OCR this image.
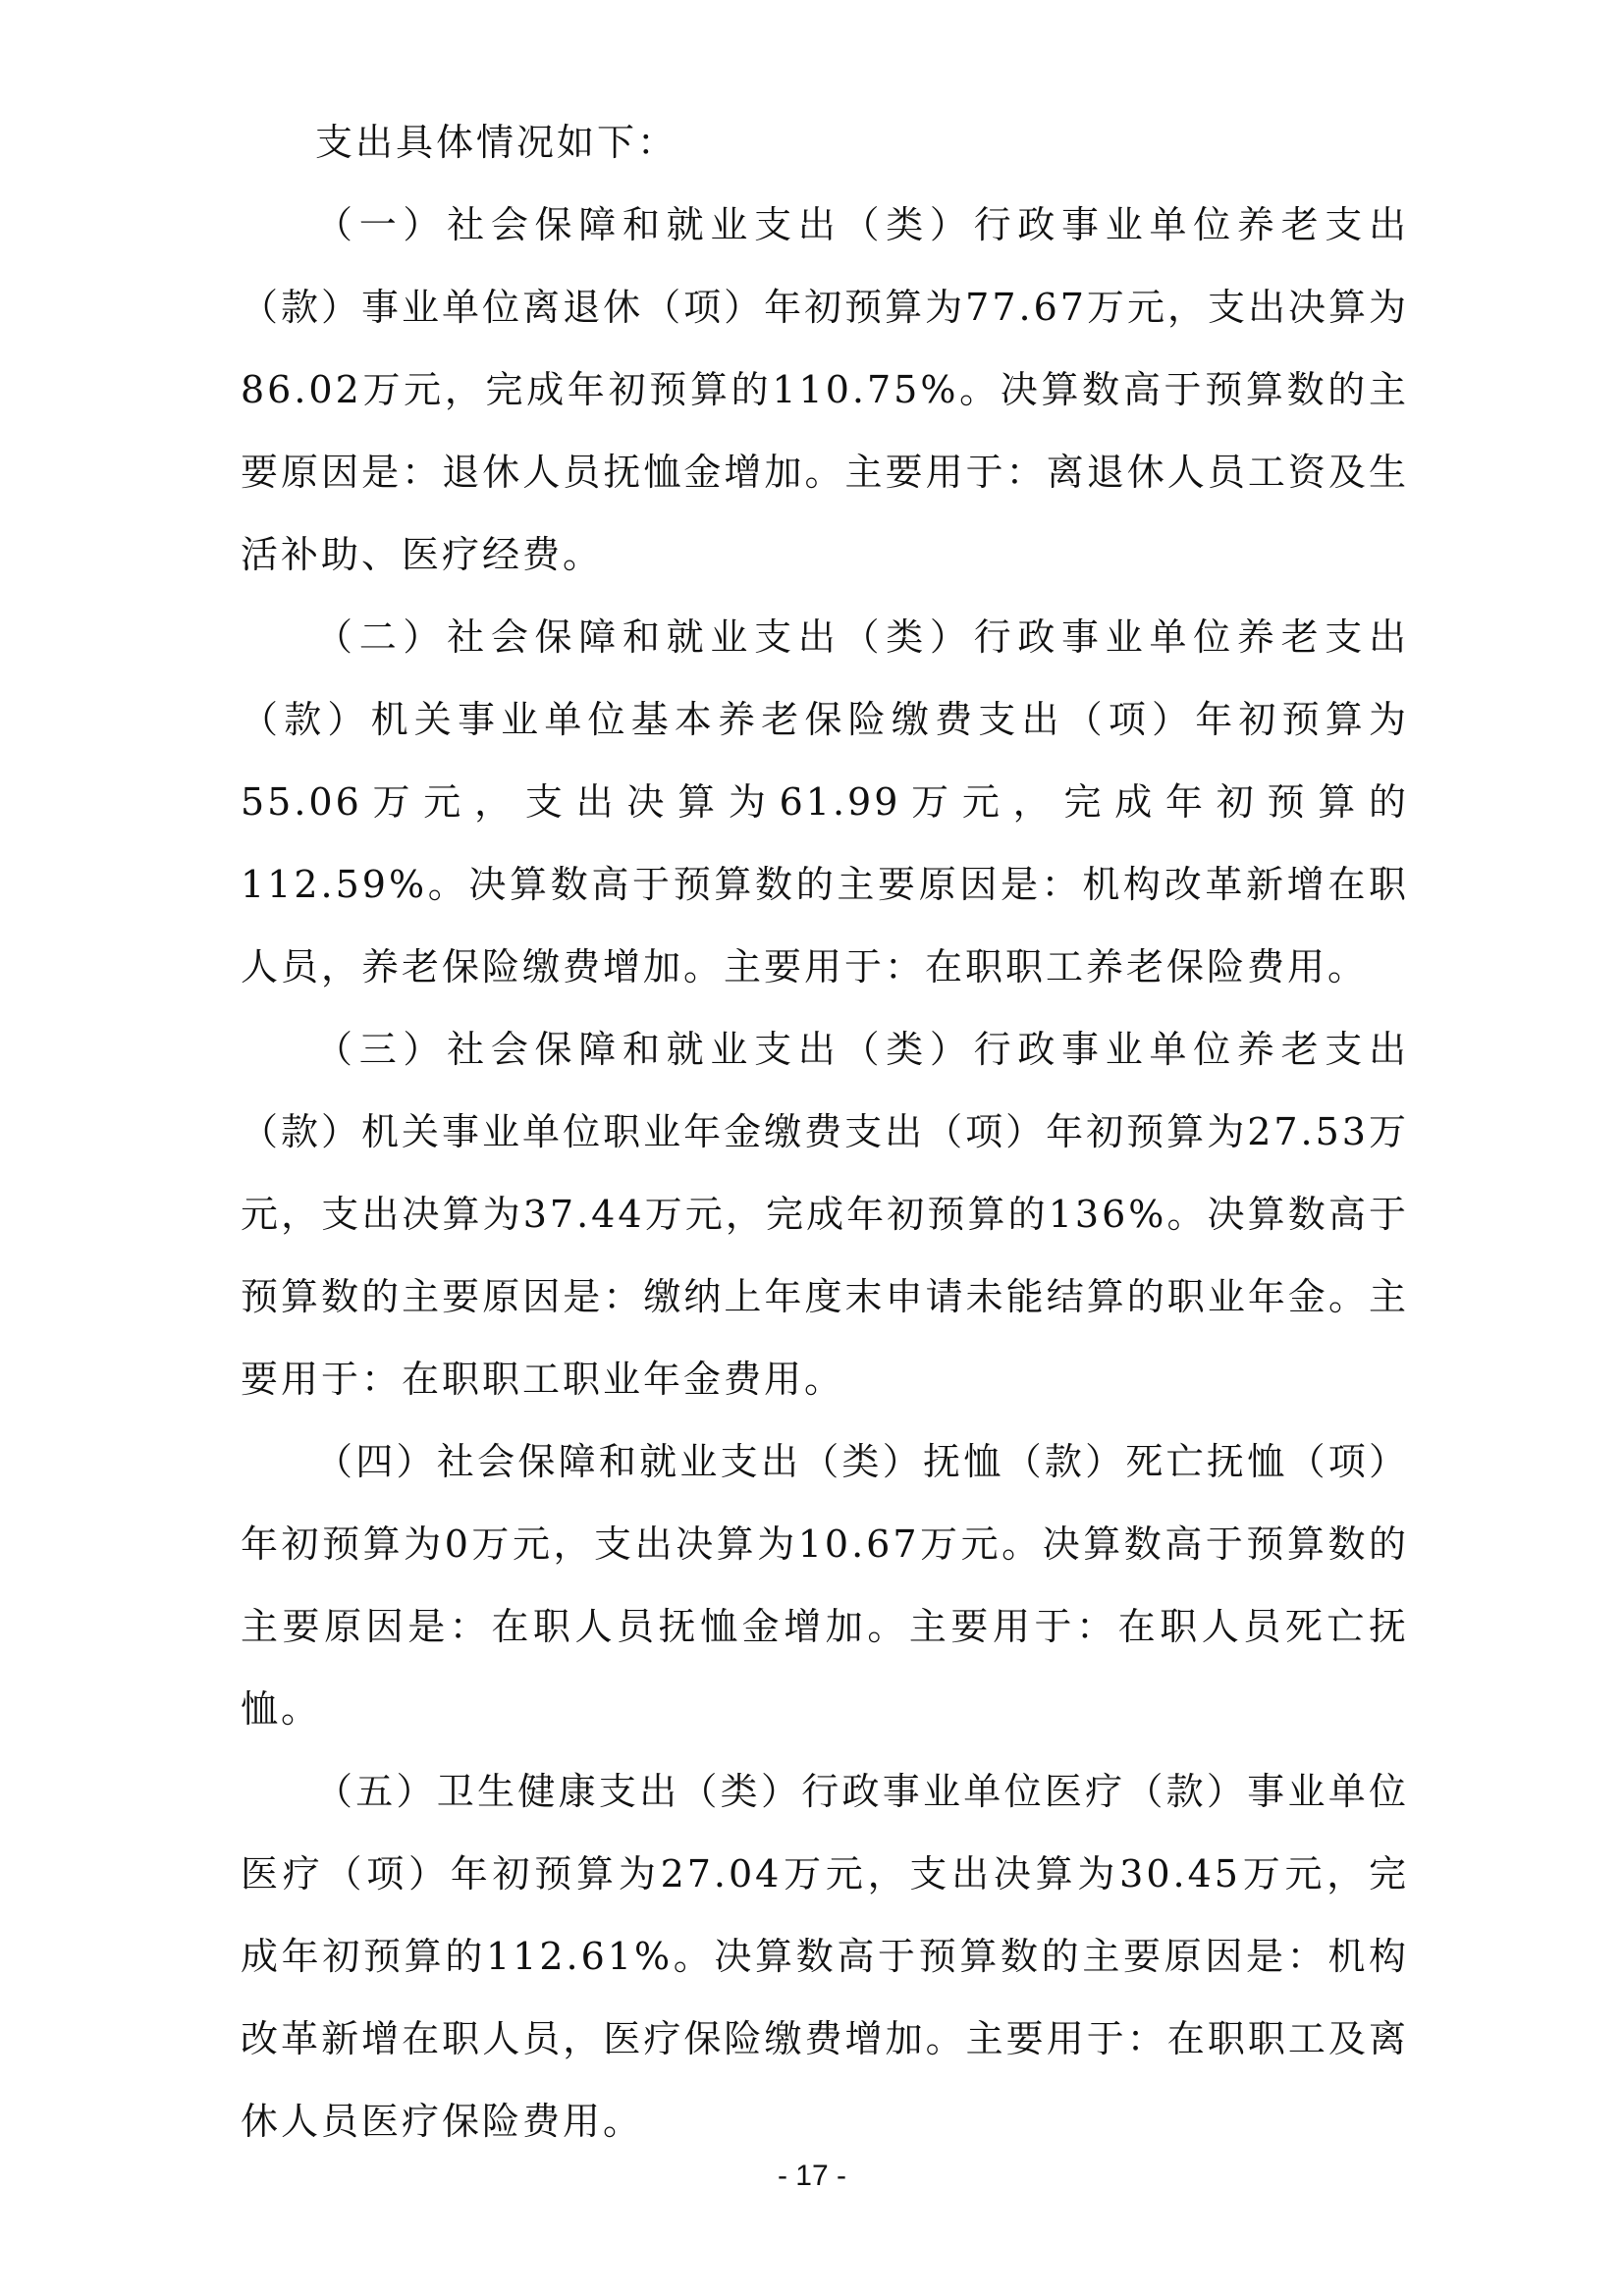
支出具体情况如下：

（一）社会保障和就业支出（类）行政事业单位养老支出（款）事业单位离退休（项）年初预算为77.67万元，支出决算为86.02万元，完成年初预算的110.75%。决算数高于预算数的主要原因是：退休人员抚恤金增加。主要用于：离退休人员工资及生活补助、医疗经费。

（二）社会保障和就业支出（类）行政事业单位养老支出（款）机关事业单位基本养老保险缴费支出（项）年初预算为55.06万元，支出决算为61.99万元，完成年初预算的112.59%。决算数高于预算数的主要原因是：机构改革新增在职人员，养老保险缴费增加。主要用于：在职职工养老保险费用。

（三）社会保障和就业支出（类）行政事业单位养老支出（款）机关事业单位职业年金缴费支出（项）年初预算为27.53万元，支出决算为37.44万元，完成年初预算的136%。决算数高于预算数的主要原因是：缴纳上年度末申请未能结算的职业年金。主要用于：在职职工职业年金费用。

（四）社会保障和就业支出（类）抚恤（款）死亡抚恤（项）年初预算为0万元，支出决算为10.67万元。决算数高于预算数的主要原因是：在职人员抚恤金增加。主要用于：在职人员死亡抚恤。

（五）卫生健康支出（类）行政事业单位医疗（款）事业单位医疗（项）年初预算为27.04万元，支出决算为30.45万元，完成年初预算的112.61%。决算数高于预算数的主要原因是：机构改革新增在职人员，医疗保险缴费增加。主要用于：在职职工及离休人员医疗保险费用。

- 17 -
